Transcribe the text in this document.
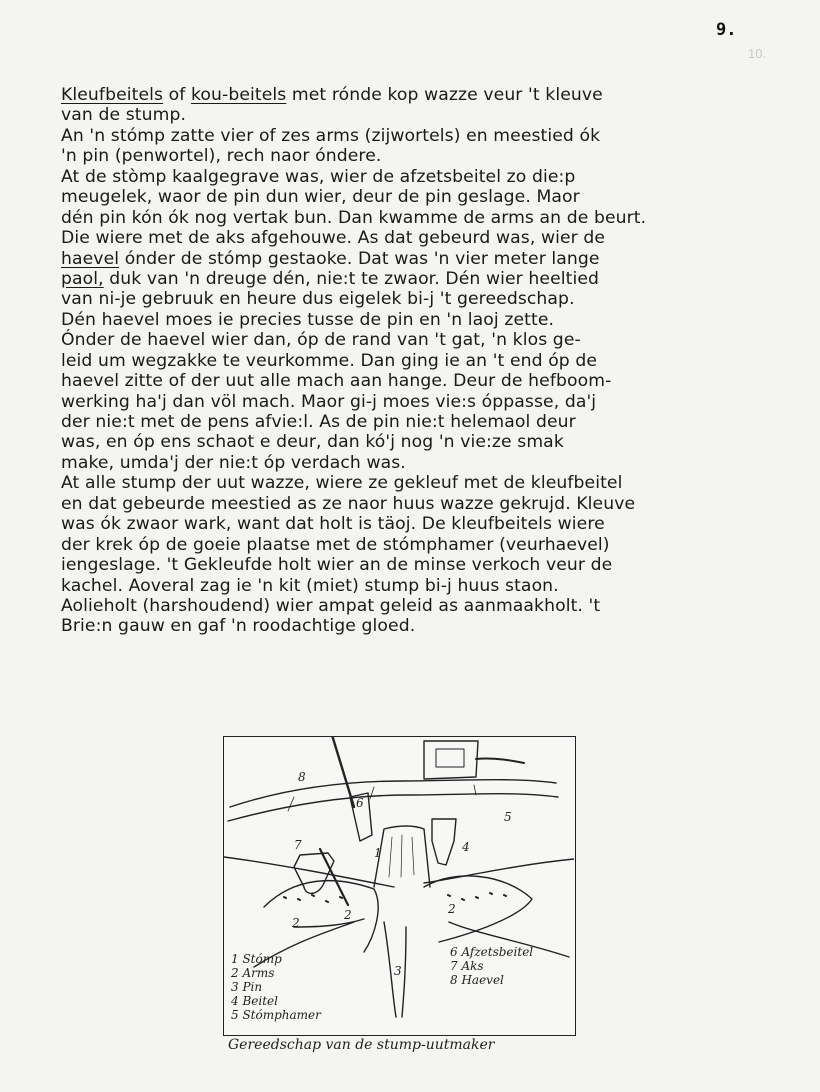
10.
9.
Kleufbeitels of kou-beitels met rónde kop wazze veur 't kleuve
van de stump.
An 'n stómp zatte vier of zes arms (zijwortels) en meestied ók
'n pin (penwortel), rech naor óndere.
At de stòmp kaalgegrave was, wier de afzetsbeitel zo die:p
meugelek, waor de pin dun wier, deur de pin geslage. Maor
dén pin kón ók nog vertak bun. Dan kwamme de arms an de beurt.
Die wiere met de aks afgehouwe. As dat gebeurd was, wier de
haevel ónder de stómp gestaoke. Dat was 'n vier meter lange
paol, duk van 'n dreuge dén, nie:t te zwaor. Dén wier heeltied
van ni-je gebruuk en heure dus eigelek bi-j 't gereedschap.
Dén haevel moes ie precies tusse de pin en 'n laoj zette.
Ónder de haevel wier dan, óp de rand van 't gat, 'n klos ge-
leid um wegzakke te veurkomme. Dan ging ie an 't end óp de
haevel zitte of der uut alle mach aan hange. Deur de hefboom-
werking ha'j dan völ mach. Maor gi-j moes vie:s óppasse, da'j
der nie:t met de pens afvie:l. As de pin nie:t helemaol deur
was, en óp ens schaot e deur, dan kó'j nog 'n vie:ze smak
make, umda'j der nie:t óp verdach was.
At alle stump der uut wazze, wiere ze gekleuf met de kleufbeitel
en dat gebeurde meestied as ze naor huus wazze gekrujd. Kleuve
was ók zwaor wark, want dat holt is täoj. De kleufbeitels wiere
der krek óp de goeie plaatse met de stómphamer (veurhaevel)
iengeslage. 't Gekleufde holt wier an de minse verkoch veur de
kachel. Aoveral zag ie 'n kit (miet) stump bi-j huus staon.
Aolieholt (harshoudend) wier ampat geleid as aanmaakholt. 't
Brie:n gauw en gaf 'n roodachtige gloed.
1
2
2	2
3
4
5
6
7
8
1 Stómp
2 Arms
3 Pin
4 Beitel
5 Stómphamer
6 Afzetsbeitel
7 Aks
8 Haevel
Gereedschap van de stump-uutmaker
